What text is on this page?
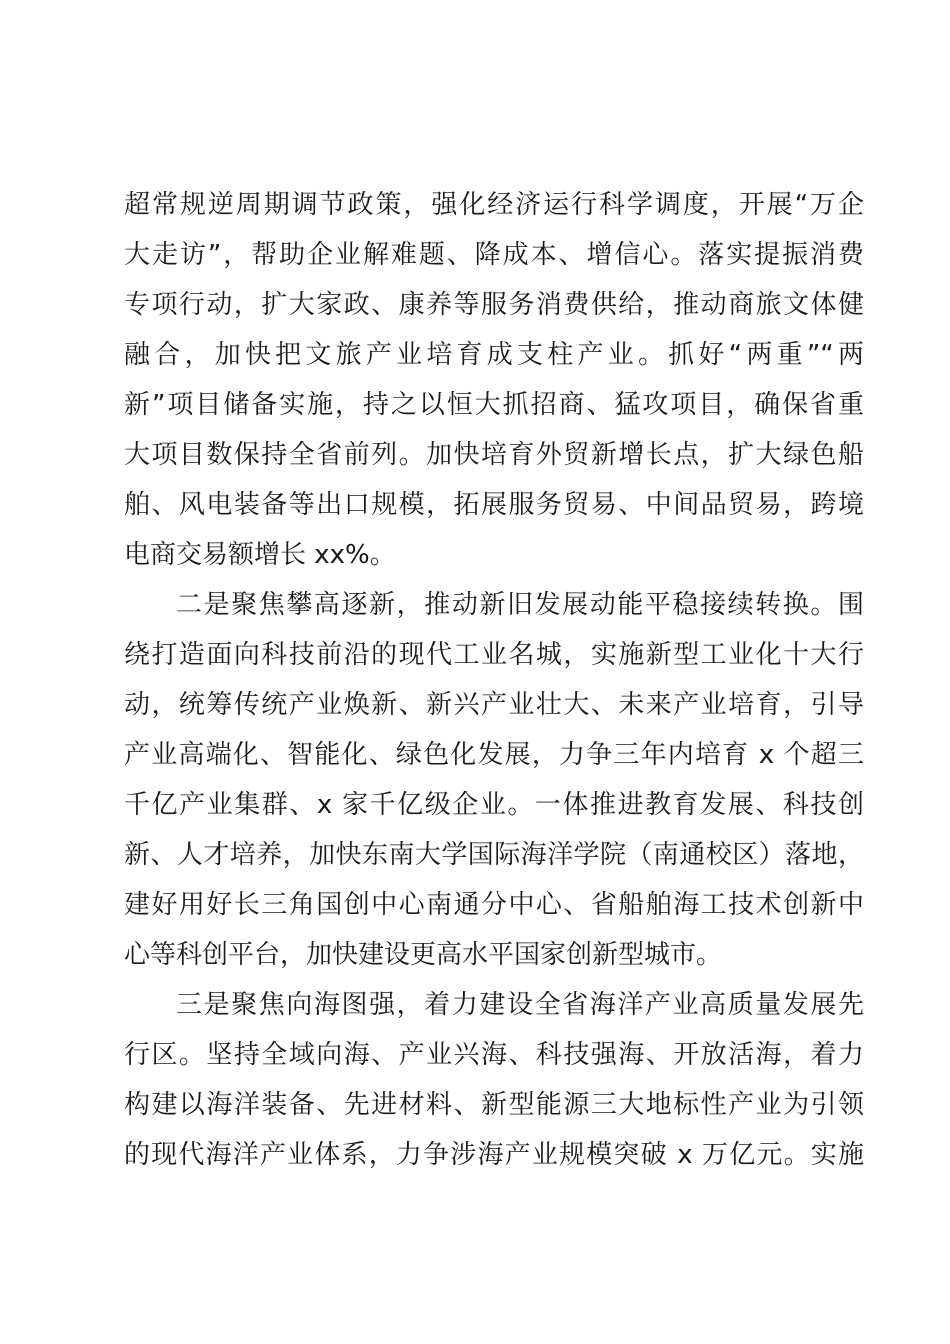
超常规逆周期调节政策，强化经济运行科学调度，开展“万企
大走访”，帮助企业解难题、降成本、增信心。落实提振消费
专项行动，扩大家政、康养等服务消费供给，推动商旅文体健
融合，加快把文旅产业培育成支柱产业。抓好“两重”“两
新”项目储备实施，持之以恒大抓招商、猛攻项目，确保省重
大项目数保持全省前列。加快培育外贸新增长点，扩大绿色船
舶、风电装备等出口规模，拓展服务贸易、中间品贸易，跨境
电商交易额增长 xx%。
二是聚焦攀高逐新，推动新旧发展动能平稳接续转换。围
绕打造面向科技前沿的现代工业名城，实施新型工业化十大行
动，统筹传统产业焕新、新兴产业壮大、未来产业培育，引导
产业高端化、智能化、绿色化发展，力争三年内培育 x 个超三
千亿产业集群、x 家千亿级企业。一体推进教育发展、科技创
新、人才培养，加快东南大学国际海洋学院（南通校区）落地，
建好用好长三角国创中心南通分中心、省船舶海工技术创新中
心等科创平台，加快建设更高水平国家创新型城市。
三是聚焦向海图强，着力建设全省海洋产业高质量发展先
行区。坚持全域向海、产业兴海、科技强海、开放活海，着力
构建以海洋装备、先进材料、新型能源三大地标性产业为引领
的现代海洋产业体系，力争涉海产业规模突破 x 万亿元。实施
